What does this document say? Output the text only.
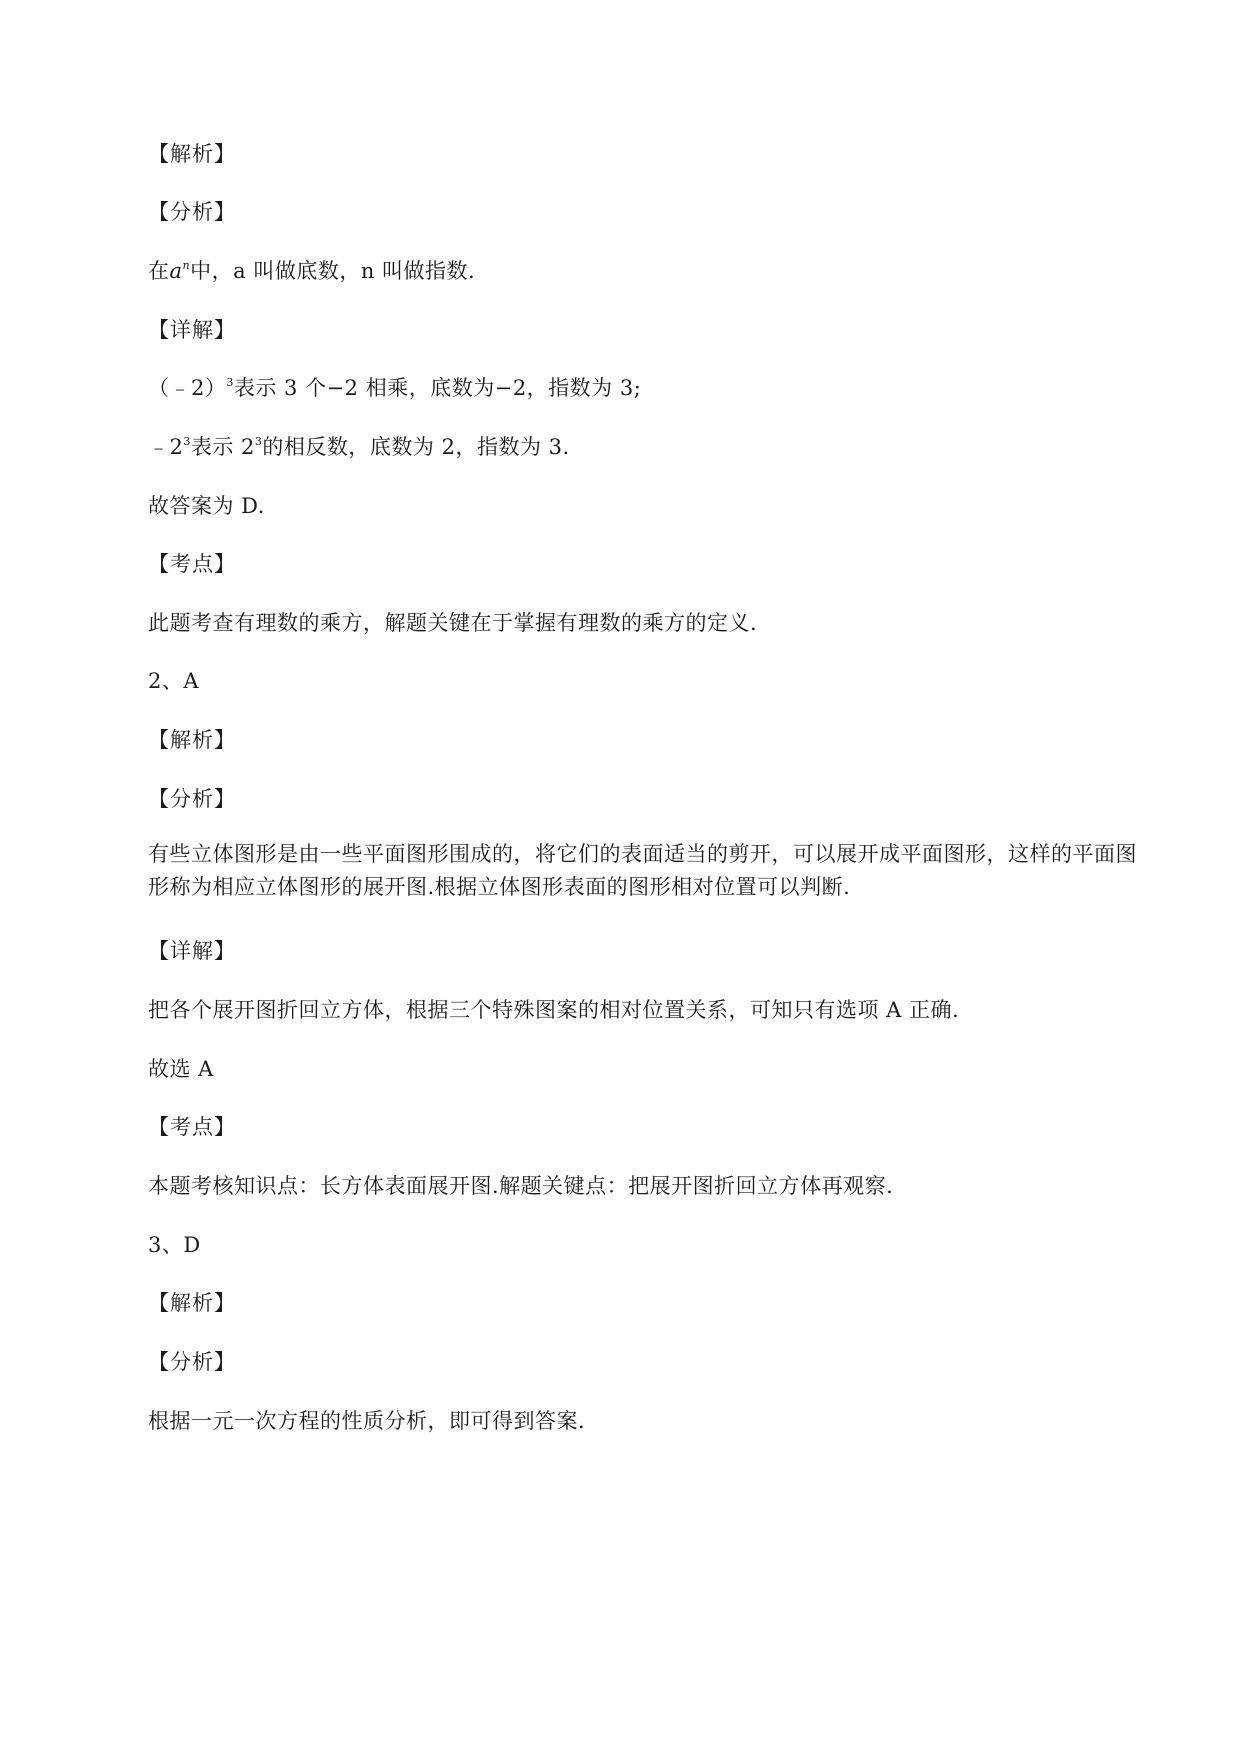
【解析】
【分析】
在$a^n$中，a 叫做底数，n 叫做指数.
【详解】
（﹣2）$^3$表示 3 个−2 相乘，底数为−2，指数为 3;
$﹣2^3$表示 $2^3$的相反数，底数为 2，指数为 3.
故答案为 D.
【考点】
此题考查有理数的乘方，解题关键在于掌握有理数的乘方的定义.
2、A
【解析】
【分析】
有些立体图形是由一些平面图形围成的，将它们的表面适当的剪开，可以展开成平面图形，这样的平面图形称为相应立体图形的展开图.根据立体图形表面的图形相对位置可以判断.
【详解】
把各个展开图折回立方体，根据三个特殊图案的相对位置关系，可知只有选项 A 正确.
故选 A
【考点】
本题考核知识点：长方体表面展开图.解题关键点：把展开图折回立方体再观察.
3、D
【解析】
【分析】
根据一元一次方程的性质分析，即可得到答案.
